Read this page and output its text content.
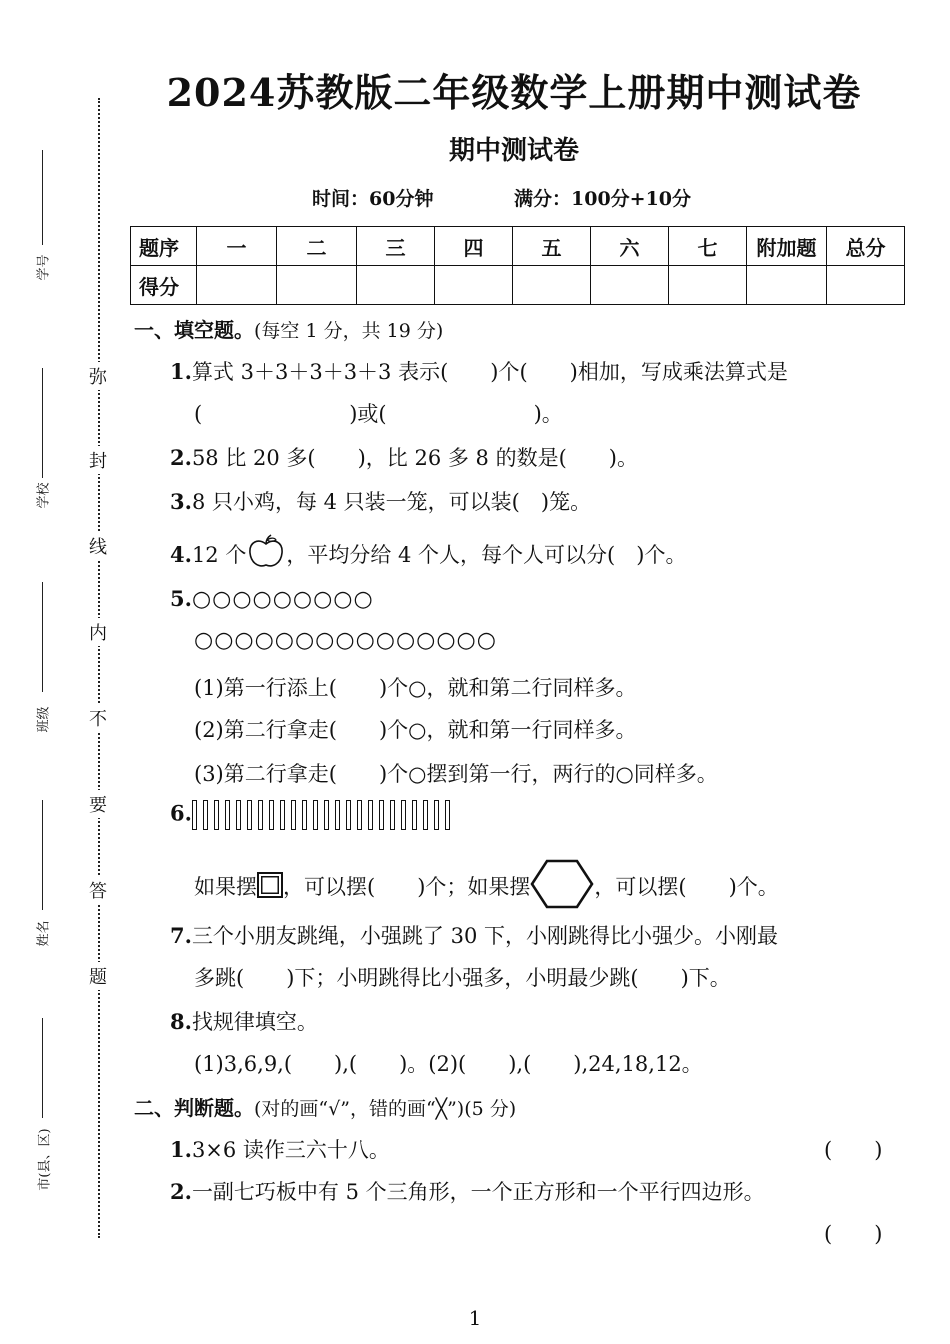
弥
封
线
内
不
要
答
题
学号
学校
班级
姓名
市(县、区)
2024苏教版二年级数学上册期中测试卷
期中测试卷
时间：60分钟	满分：100分+10分
题序	一	二	三	四	五	六	七	附加题	总分
得分									
一、填空题。(每空 1 分，共 19 分)
1.算式 3＋3＋3＋3＋3 表示(　　)个(　　)相加，写成乘法算式是
(　　　　　　　)或(　　　　　　　)。
2.58 比 20 多(　　)，比 26 多 8 的数是(　　)。
3.8 只小鸡，每 4 只装一笼，可以装(　)笼。
4.12 个 ，平均分给 4 个人，每个人可以分(　)个。
5.○○○○○○○○○
○○○○○○○○○○○○○○○
(1)第一行添上(　　)个○，就和第二行同样多。
(2)第二行拿走(　　)个○，就和第一行同样多。
(3)第二行拿走(　　)个○摆到第一行，两行的○同样多。
6.
如果摆 ，可以摆(　　)个；如果摆	，可以摆(　　)个。
7.三个小朋友跳绳，小强跳了 30 下，小刚跳得比小强少。小刚最
多跳(　　)下；小明跳得比小强多，小明最少跳(　　)下。
8.找规律填空。
(1)3,6,9,(　　),(　　)。(2)(　　),(　　),24,18,12。
二、判断题。(对的画“√”，错的画“╳”)(5 分)
1.3×6 读作三六十八。	(　　)
2.一副七巧板中有 5 个三角形，一个正方形和一个平行四边形。
(　　)
1
